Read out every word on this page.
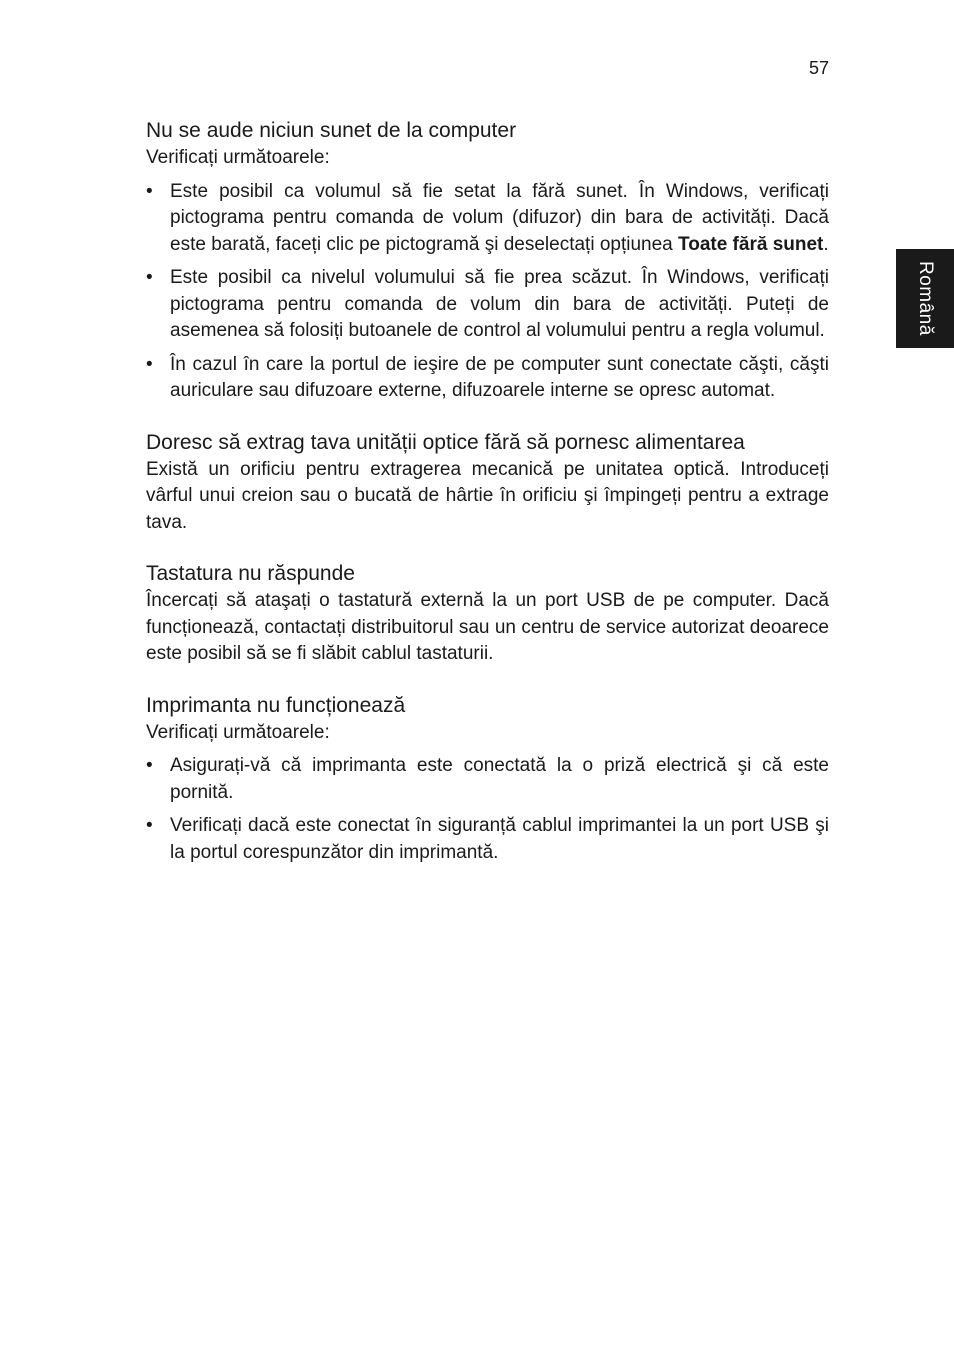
57
Română
Nu se aude niciun sunet de la computer

Verificați următoarele:

• Este posibil ca volumul să fie setat la fără sunet. În Windows, verificați pictograma pentru comanda de volum (difuzor) din bara de activități. Dacă este barată, faceți clic pe pictogramă şi deselectați opțiunea Toate fără sunet.
• Este posibil ca nivelul volumului să fie prea scăzut. În Windows, verificați pictograma pentru comanda de volum din bara de activități. Puteți de asemenea să folosiți butoanele de control al volumului pentru a regla volumul.
• În cazul în care la portul de ieşire de pe computer sunt conectate căşti, căşti auriculare sau difuzoare externe, difuzoarele interne se opresc automat.
Doresc să extrag tava unității optice fără să pornesc alimentarea

Există un orificiu pentru extragerea mecanică pe unitatea optică. Introduceți vârful unui creion sau o bucată de hârtie în orificiu şi împingeți pentru a extrage tava.

Tastatura nu răspunde

Încercați să ataşați o tastatură externă la un port USB de pe computer. Dacă funcționează, contactați distribuitorul sau un centru de service autorizat deoarece este posibil să se fi slăbit cablul tastaturii.

Imprimanta nu funcționează

Verificați următoarele:

• Asigurați-vă că imprimanta este conectată la o priză electrică şi că este pornită.
• Verificați dacă este conectat în siguranță cablul imprimantei la un port USB şi la portul corespunzător din imprimantă.
